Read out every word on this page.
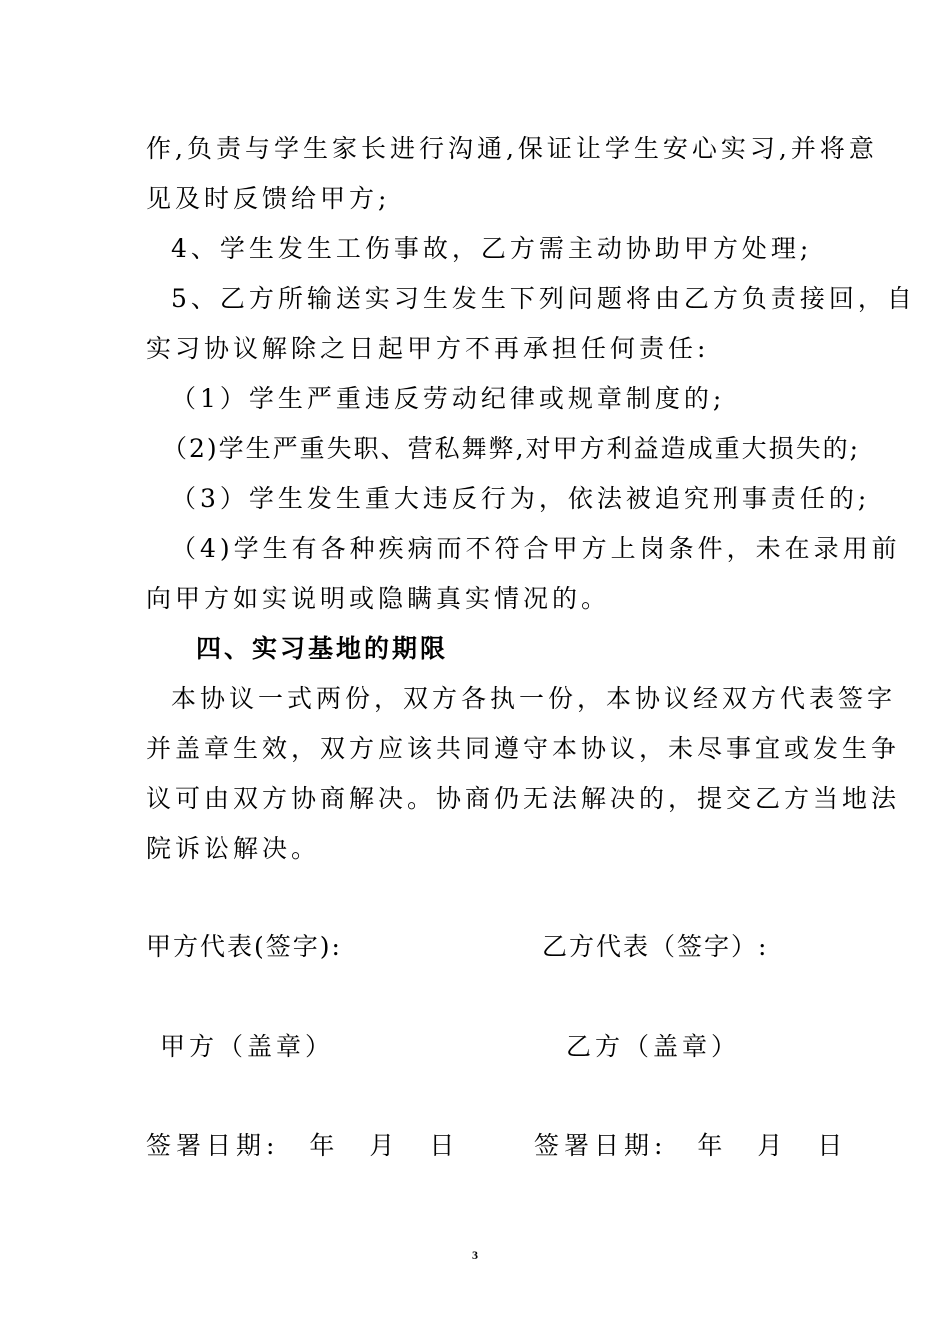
作,负责与学生家长进行沟通,保证让学生安心实习,并将意
见及时反馈给甲方;
4、学生发生工伤事故，乙方需主动协助甲方处理;
5、乙方所输送实习生发生下列问题将由乙方负责接回，自
实习协议解除之日起甲方不再承担任何责任:
（1）学生严重违反劳动纪律或规章制度的;
（2)学生严重失职、营私舞弊,对甲方利益造成重大损失的;
（3）学生发生重大违反行为，依法被追究刑事责任的;
（4)学生有各种疾病而不符合甲方上岗条件，未在录用前
向甲方如实说明或隐瞒真实情况的。
四、实习基地的期限
本协议一式两份，双方各执一份，本协议经双方代表签字
并盖章生效，双方应该共同遵守本协议，未尽事宜或发生争
议可由双方协商解决。协商仍无法解决的，提交乙方当地法
院诉讼解决。
甲方代表(签字):	乙方代表（签字）:
甲方（盖章）	乙方（盖章）
签署日期:　年　月　日	签署日期:　年　月　日
3
